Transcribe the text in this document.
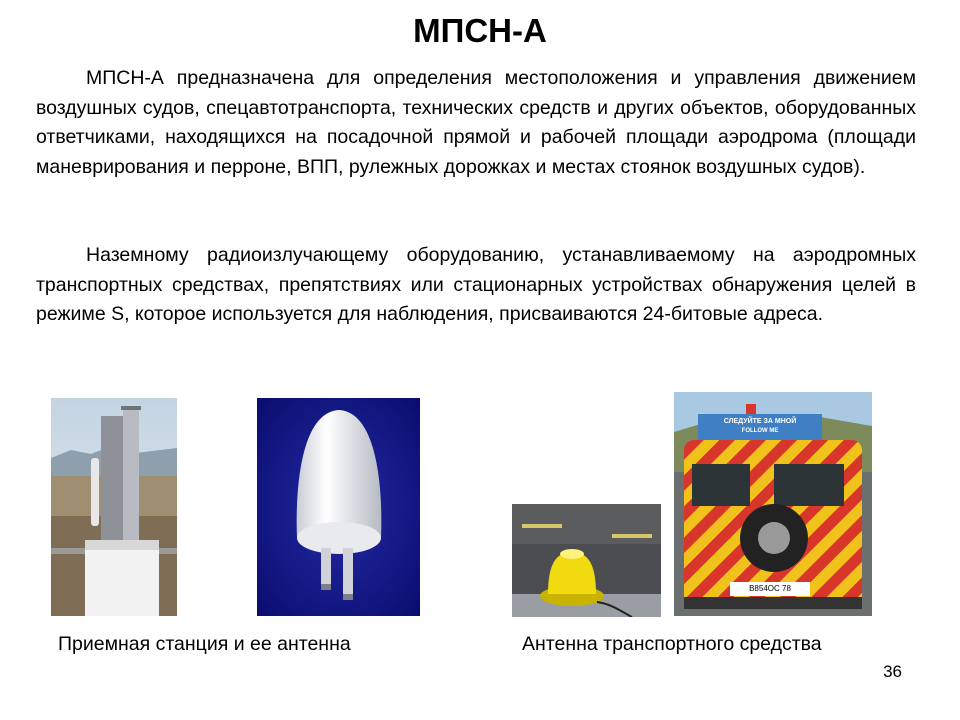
МПСН-А
МПСН-А предназначена для определения местоположения и управления движением воздушных судов, спецавтотранспорта, технических средств и других объектов, оборудованных ответчиками, находящихся на посадочной прямой и рабочей площади аэродрома (площади маневрирования и перроне, ВПП, рулежных дорожках и местах стоянок воздушных судов).
Наземному радиоизлучающему оборудованию, устанавливаемому на аэродромных транспортных средствах, препятствиях или стационарных устройствах обнаружения целей в режиме S, которое используется для наблюдения, присваиваются 24-битовые адреса.
СЛЕДУЙТЕ ЗА МНОЙ
FOLLOW ME
В854ОС 78
Приемная станция и ее антенна	Антенна транспортного средства
36
